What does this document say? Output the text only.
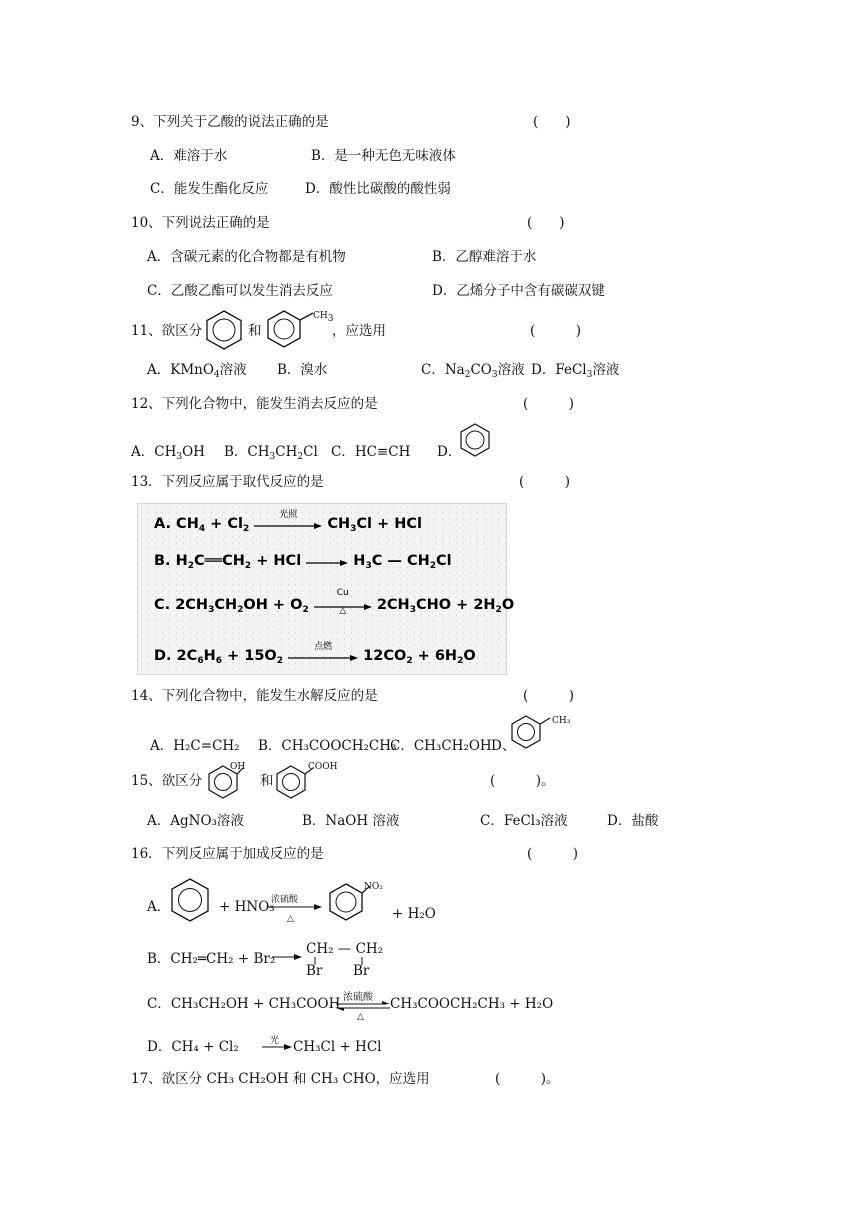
9、下列关于乙酸的说法正确的是	(　　)
A．难溶于水	B．是一种无色无味液体
C．能发生酯化反应	D．酸性比碳酸的酸性弱
10、下列说法正确的是	(　　)
A．含碳元素的化合物都是有机物	B．乙醇难溶于水
C．乙酸乙酯可以发生消去反应	D．乙烯分子中含有碳碳双键
11、欲区分	和
$CH_3$
，应选用	(　　　)
A．KMnO$_4$溶液 B．溴水	C．$Na_2CO_3$溶液 D．FeCl$_3$溶液
12、下列化合物中，能发生消去反应的是	(　　　)
A．$CH_3OH$ B．$CH_3CH_2Cl$ C．HC≡CH D．
13．下列反应属于取代反应的是	(　　　)
A. $CH_4 + Cl_2$
光照
$CH_3Cl$ + HCl
B. $H_2C══CH_2$ + HCl	$H_3C$ — $CH_2Cl$
C. $2CH_3CH_2OH + O_2$
Cu
△	$2CH_3CHO + 2H_2O$
D. $2C_6H_6 + 15O_2$
点燃
$12CO_2 + 6H_2O$
14、下列化合物中，能发生水解反应的是	(　　　)
A．H₂C=CH₂ B．CH₃COOCH₂CH₃
C．CH₃CH₂OH D、
CH₃
15、欲区分
OH
和
COOH
(　　　)。
A．AgNO₃溶液	B．NaOH 溶液	C．FeCl₃溶液	D．盐酸
16．下列反应属于加成反应的是	(　　　)
A．	+ HNO₃
浓硫酸
△
NO₂
+ H₂O
B．CH₂═CH₂ + Br₂
CH₂ — CH₂
Br Br
C．CH₃CH₂OH + CH₃COOH 浓硫酸
△
CH₃COOCH₂CH₃ + H₂O
D．CH₄ + Cl₂	光 CH₃Cl + HCl
17、欲区分 CH₃ CH₂OH 和 CH₃ CHO，应选用	(　　　)。
